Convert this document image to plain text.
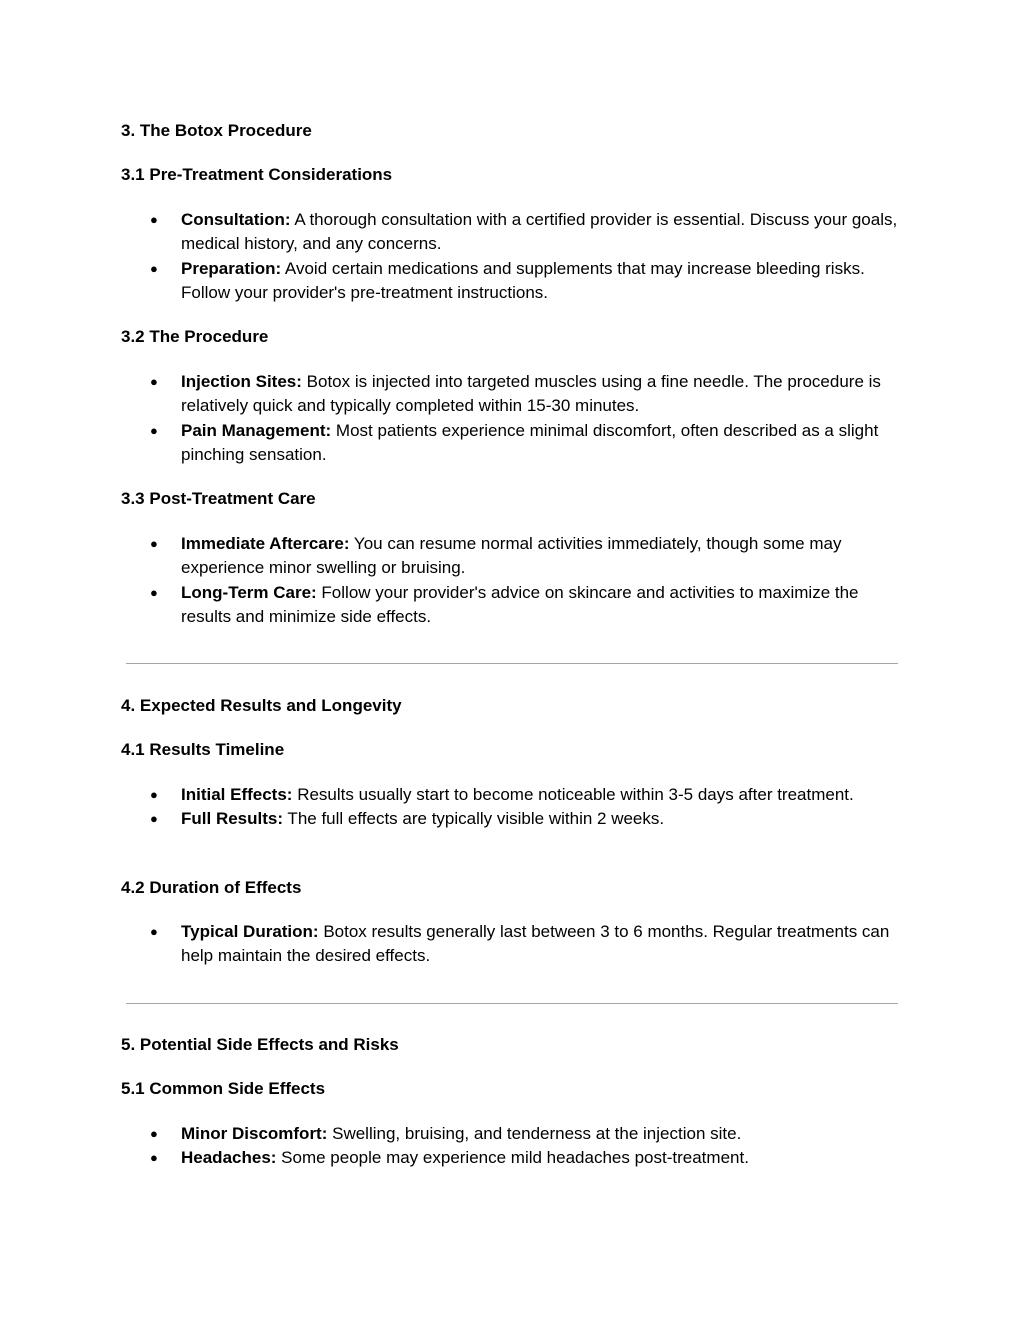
3. The Botox Procedure
3.1 Pre-Treatment Considerations
● Consultation: A thorough consultation with a certified provider is essential. Discuss your goals, medical history, and any concerns.
● Preparation: Avoid certain medications and supplements that may increase bleeding risks. Follow your provider's pre-treatment instructions.
3.2 The Procedure
● Injection Sites: Botox is injected into targeted muscles using a fine needle. The procedure is relatively quick and typically completed within 15-30 minutes.
● Pain Management: Most patients experience minimal discomfort, often described as a slight pinching sensation.
3.3 Post-Treatment Care
● Immediate Aftercare: You can resume normal activities immediately, though some may experience minor swelling or bruising.
● Long-Term Care: Follow your provider's advice on skincare and activities to maximize the results and minimize side effects.
4. Expected Results and Longevity
4.1 Results Timeline
● Initial Effects: Results usually start to become noticeable within 3-5 days after treatment.
● Full Results: The full effects are typically visible within 2 weeks.
4.2 Duration of Effects
● Typical Duration: Botox results generally last between 3 to 6 months. Regular treatments can help maintain the desired effects.
5. Potential Side Effects and Risks
5.1 Common Side Effects
● Minor Discomfort: Swelling, bruising, and tenderness at the injection site.
● Headaches: Some people may experience mild headaches post-treatment.
